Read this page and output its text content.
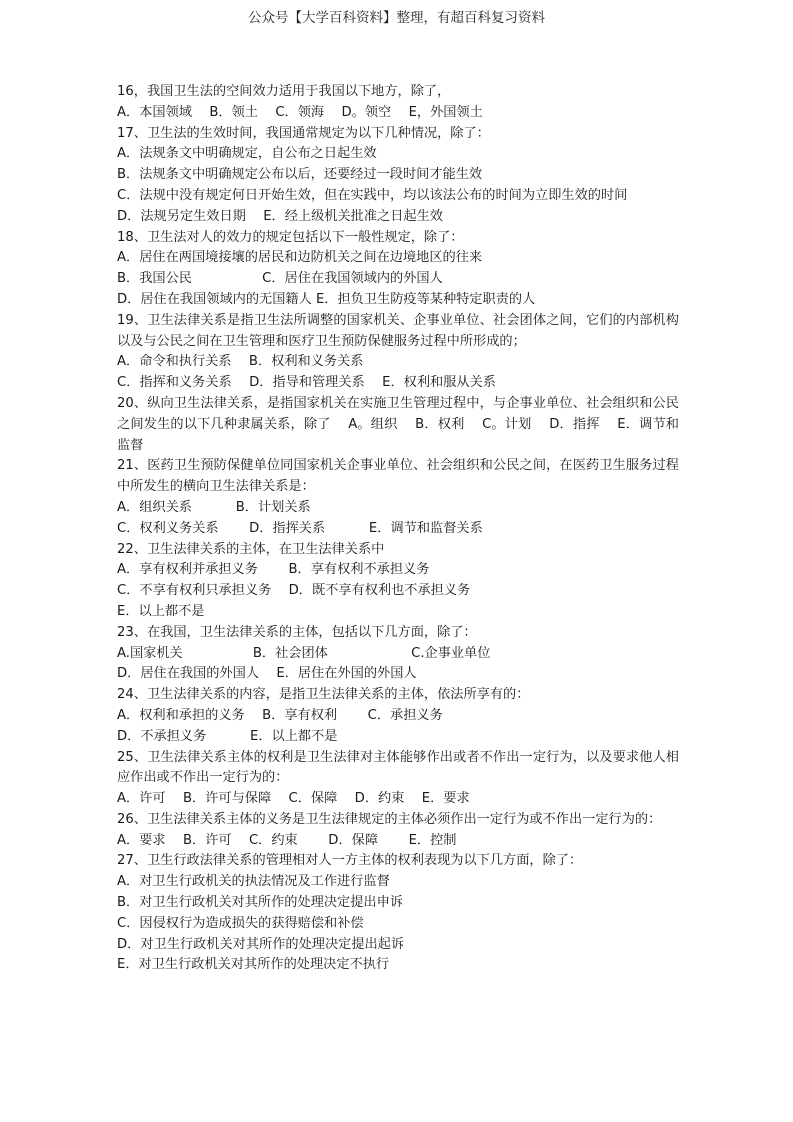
公众号【大学百科资料】整理，有超百科复习资料
16，我国卫生法的空间效力适用于我国以下地方，除了，
A．本国领域　 B．领土　 C．领海　 D。领空　 E，外国领土
17、卫生法的生效时间，我国通常规定为以下几种情况，除了：
A．法规条文中明确规定，自公布之日起生效
B．法规条文中明确规定公布以后，还要经过一段时间才能生效
C．法规中没有规定何日开始生效，但在实践中，均以该法公布的时间为立即生效的时间
D．法规另定生效日期　 E．经上级机关批准之日起生效
18、卫生法对人的效力的规定包括以下一般性规定，除了：
A．居住在两国境接壤的居民和边防机关之间在边境地区的往来
B．我国公民　　　　　 C．居住在我国领域内的外国人
D．居住在我国领域内的无国籍人 E．担负卫生防疫等某种特定职责的人
19、卫生法律关系是指卫生法所调整的国家机关、企事业单位、社会团体之间，它们的内部机构以及与公民之间在卫生管理和医疗卫生预防保健服务过程中所形成的；
A．命令和执行关系　 B．权利和义务关系
C．指挥和义务关系　 D．指导和管理关系　 E．权利和服从关系
20、纵向卫生法律关系，是指国家机关在实施卫生管理过程中，与企事业单位、社会组织和公民之间发生的以下几种隶属关系，除了　 A。组织　 B．权利　 C。计划　 D．指挥　 E．调节和监督
21、医药卫生预防保健单位同国家机关企事业单位、社会组织和公民之间，在医药卫生服务过程中所发生的横向卫生法律关系是：
A．组织关系　　　 B．计划关系
C．权利义务关系　　 D．指挥关系　　　 E．调节和监督关系
22、卫生法律关系的主体，在卫生法律关系中
A．享有权利并承担义务　　 B．享有权利不承担义务
C．不享有权利只承担义务　 D．既不享有权利也不承担义务
E．以上都不是
23、在我国，卫生法律关系的主体，包括以下几方面，除了：
A.国家机关　　　　　 B．社会团体　　　　　　 C.企事业单位
D．居住在我国的外国人　 E．居住在外国的外国人
24、卫生法律关系的内容，是指卫生法律关系的主体，依法所享有的：
A．权利和承担的义务　 B．享有权利　　 C．承担义务
D．不承担义务　　　 E．以上都不是
25、卫生法律关系主体的权利是卫生法律对主体能够作出或者不作出一定行为，以及要求他人相应作出或不作出一定行为的：
A．许可　 B．许可与保障　 C．保障　 D．约束　 E．要求
26、卫生法律关系主体的义务是卫生法律规定的主体必须作出一定行为或不作出一定行为的：
A．要求　 B．许可　 C．约束　　 D．保障　　 E．控制
27、卫生行政法律关系的管理相对人一方主体的权利表现为以下几方面，除了：
A．对卫生行政机关的执法情况及工作进行监督
B．对卫生行政机关对其所作的处理决定提出申诉
C．因侵权行为造成损失的获得赔偿和补偿
D．对卫生行政机关对其所作的处理决定提出起诉
E．对卫生行政机关对其所作的处理决定不执行
